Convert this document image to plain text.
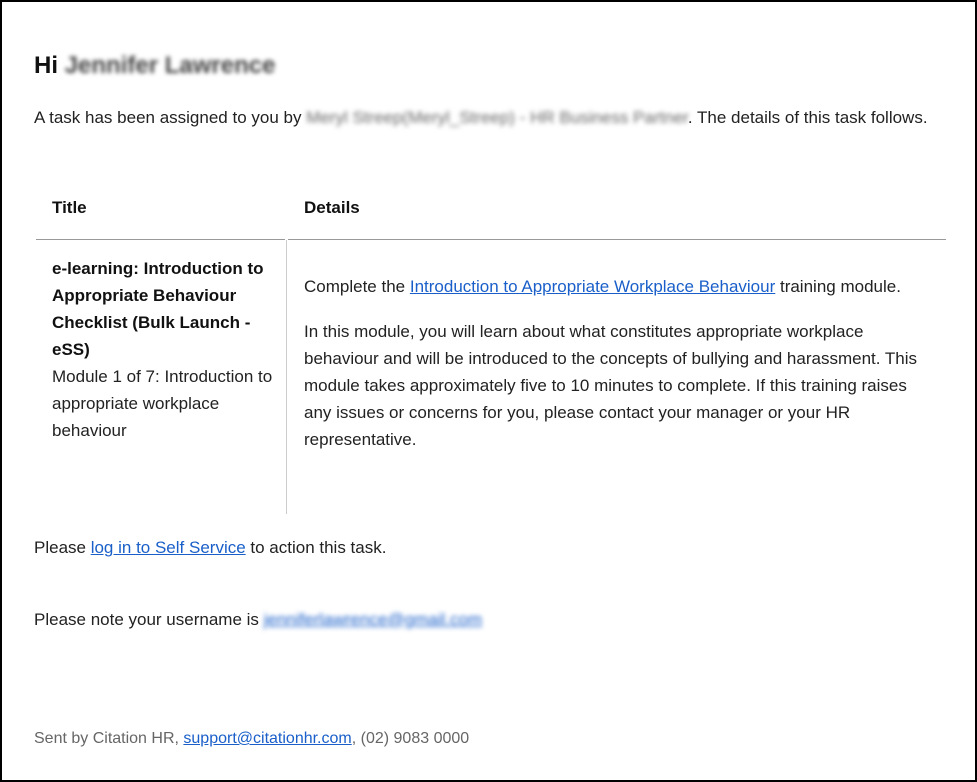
Hi Jennifer Lawrence

A task has been assigned to you by Meryl Streep(Meryl_Streep) - HR Business Partner. The details of this task follows.

Title	Details
e-learning: Introduction to Appropriate Behaviour Checklist (Bulk Launch - eSS)
Module 1 of 7: Introduction to appropriate workplace behaviour

Complete the Introduction to Appropriate Workplace Behaviour training module.

In this module, you will learn about what constitutes appropriate workplace behaviour and will be introduced to the concepts of bullying and harassment. This module takes approximately five to 10 minutes to complete. If this training raises any issues or concerns for you, please contact your manager or your HR representative.

Please log in to Self Service to action this task.

Please note your username is jenniferlawrence@gmail.com

Sent by Citation HR, support@citationhr.com, (02) 9083 0000
